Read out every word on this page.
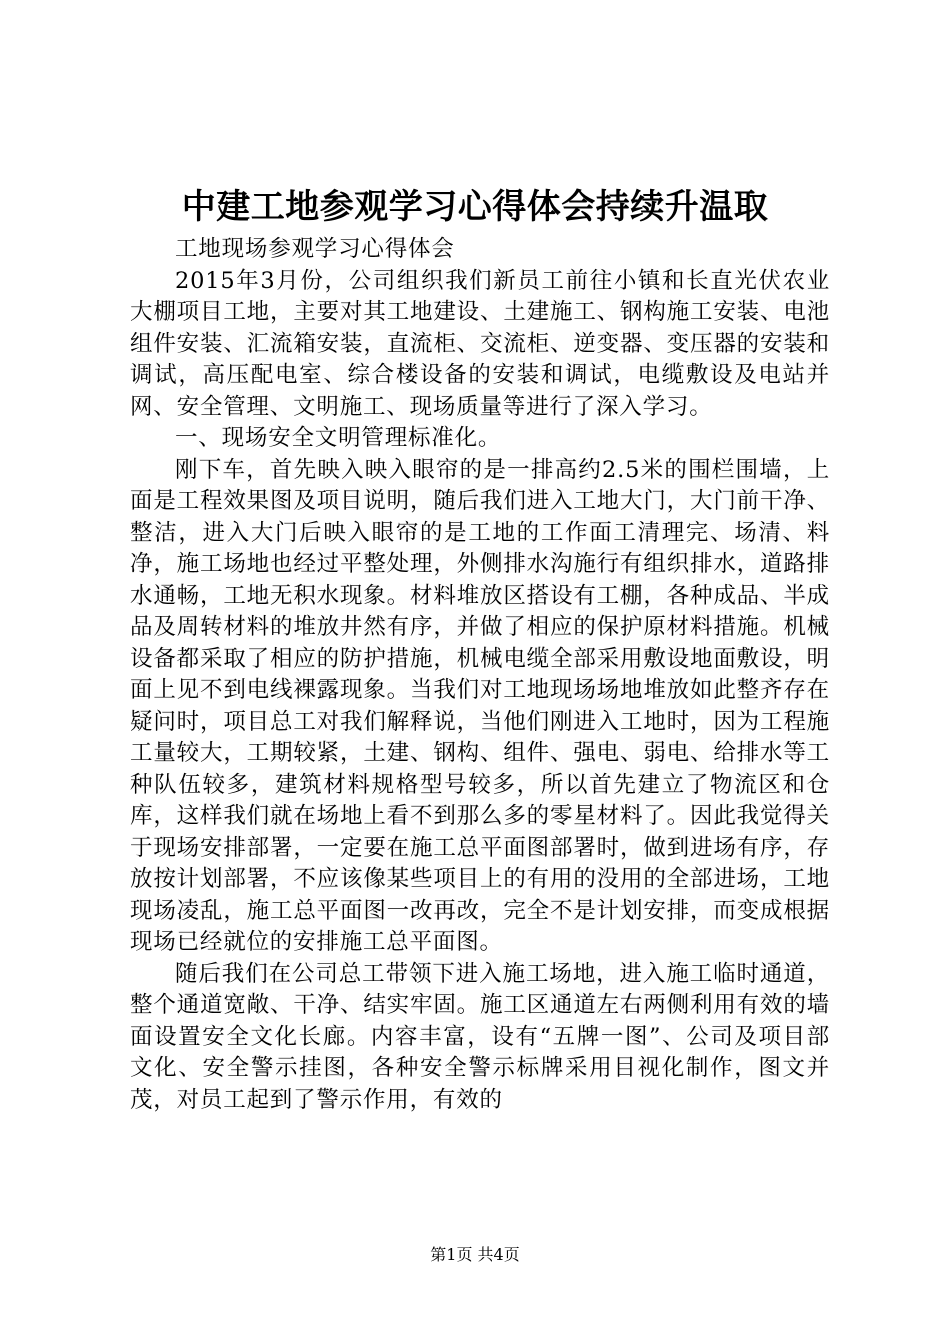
中建工地参观学习心得体会持续升温取

工地现场参观学习心得体会

2015年3月份，公司组织我们新员工前往小镇和长直光伏农业大棚项目工地，主要对其工地建设、土建施工、钢构施工安装、电池组件安装、汇流箱安装，直流柜、交流柜、逆变器、变压器的安装和调试，高压配电室、综合楼设备的安装和调试，电缆敷设及电站并网、安全管理、文明施工、现场质量等进行了深入学习。

一、现场安全文明管理标准化。

刚下车，首先映入映入眼帘的是一排高约2.5米的围栏围墙，上面是工程效果图及项目说明，随后我们进入工地大门，大门前干净、整洁，进入大门后映入眼帘的是工地的工作面工清理完、场清、料净，施工场地也经过平整处理，外侧排水沟施行有组织排水，道路排水通畅，工地无积水现象。材料堆放区搭设有工棚，各种成品、半成品及周转材料的堆放井然有序，并做了相应的保护原材料措施。机械设备都采取了相应的防护措施，机械电缆全部采用敷设地面敷设，明面上见不到电线裸露现象。当我们对工地现场场地堆放如此整齐存在疑问时，项目总工对我们解释说，当他们刚进入工地时，因为工程施工量较大，工期较紧，土建、钢构、组件、强电、弱电、给排水等工种队伍较多，建筑材料规格型号较多，所以首先建立了物流区和仓库，这样我们就在场地上看不到那么多的零星材料了。因此我觉得关于现场安排部署，一定要在施工总平面图部署时，做到进场有序，存放按计划部署，不应该像某些项目上的有用的没用的全部进场，工地现场凌乱，施工总平面图一改再改，完全不是计划安排，而变成根据现场已经就位的安排施工总平面图。

随后我们在公司总工带领下进入施工场地，进入施工临时通道，整个通道宽敞、干净、结实牢固。施工区通道左右两侧利用有效的墙面设置安全文化长廊。内容丰富，设有“五牌一图”、公司及项目部文化、安全警示挂图，各种安全警示标牌采用目视化制作，图文并茂，对员工起到了警示作用，有效的

第1页 共4页
